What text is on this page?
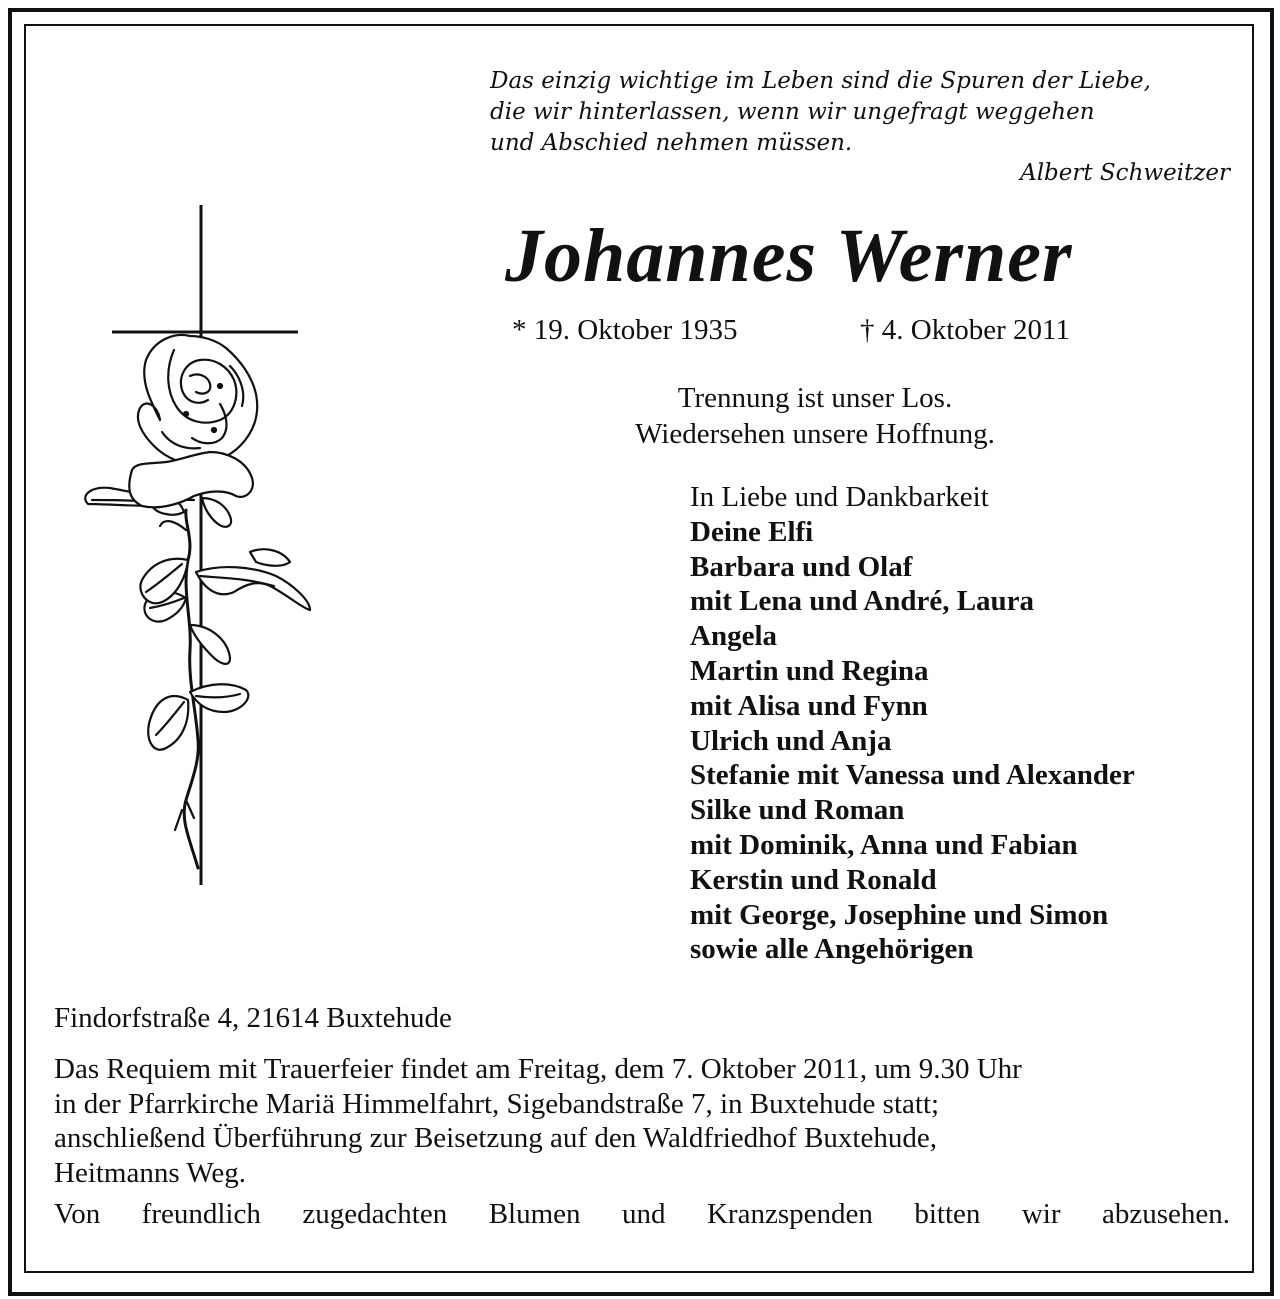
Das einzig wichtige im Leben sind die Spuren der Liebe,
die wir hinterlassen, wenn wir ungefragt weggehen
und Abschied nehmen müssen.
Albert Schweitzer
Johannes Werner
* 19. Oktober 1935	† 4. Oktober 2011
Trennung ist unser Los.
Wiedersehen unsere Hoffnung.
In Liebe und Dankbarkeit
Deine Elfi
Barbara und Olaf
mit Lena und André, Laura
Angela
Martin und Regina
mit Alisa und Fynn
Ulrich und Anja
Stefanie mit Vanessa und Alexander
Silke und Roman
mit Dominik, Anna und Fabian
Kerstin und Ronald
mit George, Josephine und Simon
sowie alle Angehörigen
Findorfstraße 4, 21614 Buxtehude
Das Requiem mit Trauerfeier findet am Freitag, dem 7. Oktober 2011, um 9.30 Uhr
in der Pfarrkirche Mariä Himmelfahrt, Sigebandstraße 7, in Buxtehude statt;
anschließend Überführung zur Beisetzung auf den Waldfriedhof Buxtehude,
Heitmanns Weg.
Von freundlich zugedachten Blumen und Kranzspenden bitten wir abzusehen.
